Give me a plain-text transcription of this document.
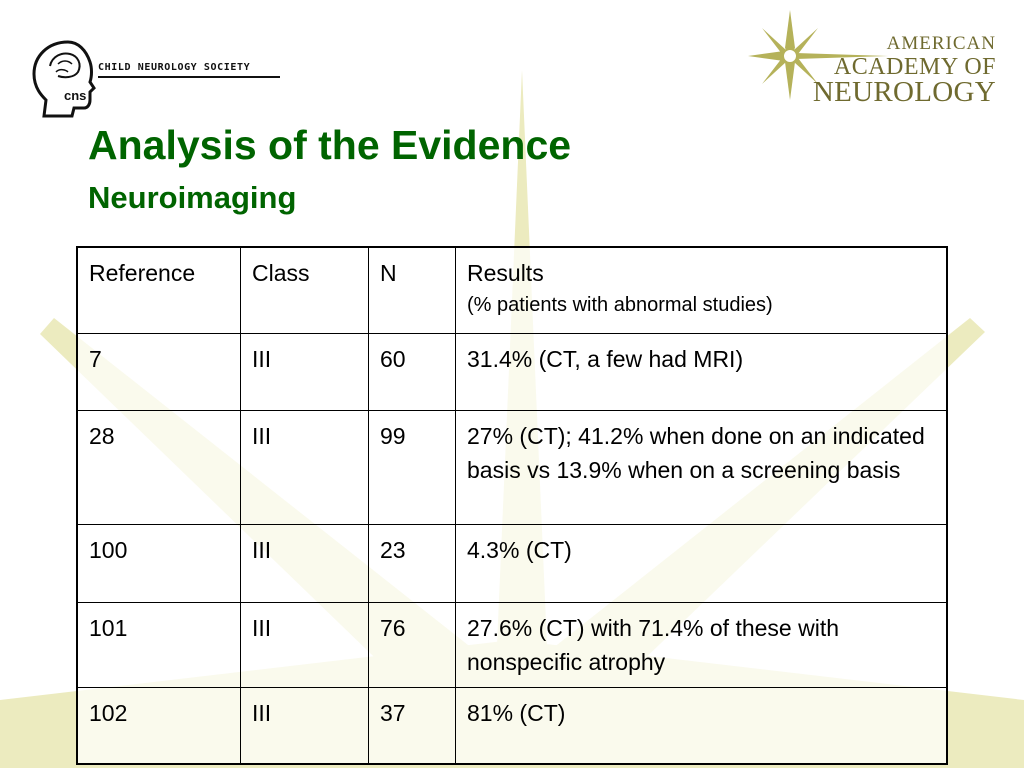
cns
CHILD NEUROLOGY SOCIETY
AMERICAN
ACADEMY OF
NEUROLOGY
Analysis of the Evidence
Neuroimaging
Reference	Class	N	Results
(% patients with abnormal studies)

7	III	60	31.4% (CT, a few had MRI)
28	III	99	27% (CT); 41.2% when done on an indicated basis vs 13.9% when on a screening basis
100	III	23	4.3% (CT)
101	III	76	27.6% (CT) with 71.4% of these with nonspecific atrophy
102	III	37	81% (CT)
